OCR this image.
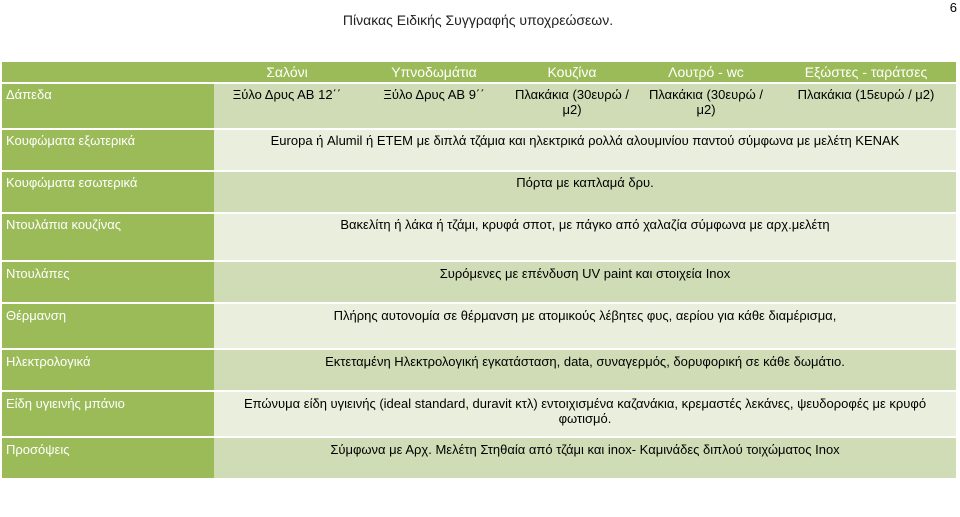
Πίνακας Ειδικής Συγγραφής υποχρεώσεων.
6
	Σαλόνι	Υπνοδωμάτια	Κουζίνα	Λουτρό - wc	Εξώστες - ταράτσες
Δάπεδα	Ξύλο Δρυς ΑΒ 12΄΄	Ξύλο Δρυς ΑΒ 9΄΄	Πλακάκια (30ευρώ / μ2)	Πλακάκια (30ευρώ / μ2)	Πλακάκια (15ευρώ / μ2)
Κουφώματα εξωτερικά	Europa ή Alumil ή ΕΤΕΜ με διπλά τζάμια και ηλεκτρικά ρολλά αλουμινίου παντού σύμφωνα με μελέτη ΚΕΝΑΚ				
Κουφώματα εσωτερικά	Πόρτα με καπλαμά δρυ.				
Ντουλάπια κουζίνας	Βακελίτη ή λάκα ή τζάμι, κρυφά σποτ, με πάγκο από χαλαζία σύμφωνα με αρχ.μελέτη				
Ντουλάπες	Συρόμενες με επένδυση UV paint και στοιχεία Inox				
Θέρμανση	Πλήρης αυτονομία σε θέρμανση με ατομικούς λέβητες φυς, αερίου για κάθε διαμέρισμα,				
Ηλεκτρολογικά	Εκτεταμένη Ηλεκτρολογική εγκατάσταση, data, συναγερμός, δορυφορική σε κάθε δωμάτιο.				
Είδη υγιεινής μπάνιο	Επώνυμα είδη υγιεινής (ideal standard, duravit κτλ) εντοιχισμένα καζανάκια, κρεμαστές λεκάνες, ψευδοροφές με κρυφό φωτισμό.				
Προσόψεις	Σύμφωνα με Αρχ. Μελέτη Στηθαία από τζάμι και inox- Καμινάδες διπλού τοιχώματος Inox				
